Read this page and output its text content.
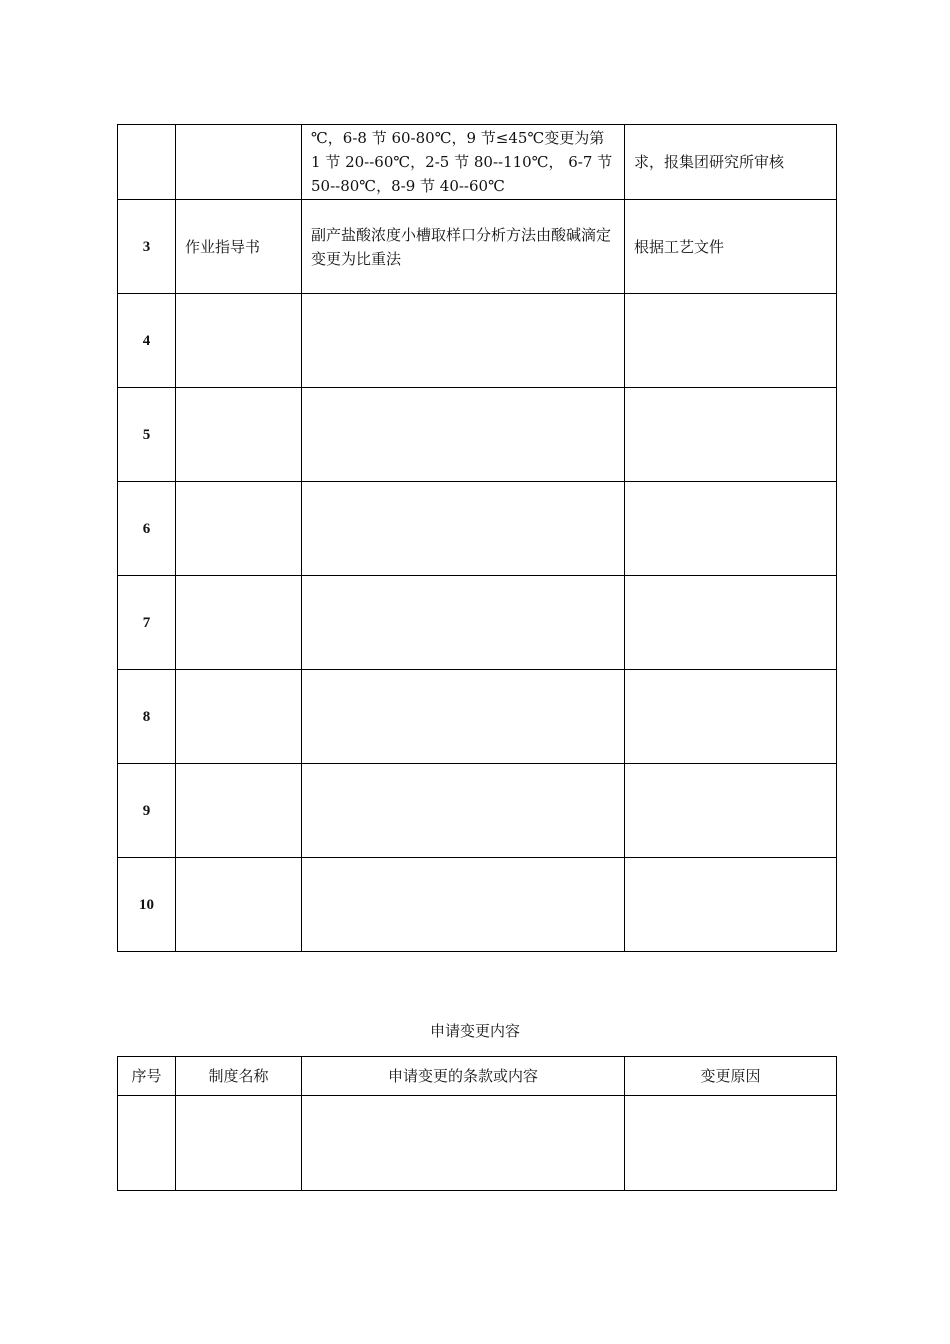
		℃，6-8 节 60-80℃，9 节≤45℃变更为第 1 节 20--60℃，2-5 节 80--110℃， 6-7 节 50--80℃，8-9 节 40--60℃	求，报集团研究所审核
3	作业指导书	副产盐酸浓度小槽取样口分析方法由酸碱滴定变更为比重法	根据工艺文件
4			
5			
6			
7			
8			
9			
10			
申请变更内容
序号	制度名称	申请变更的条款或内容	变更原因
